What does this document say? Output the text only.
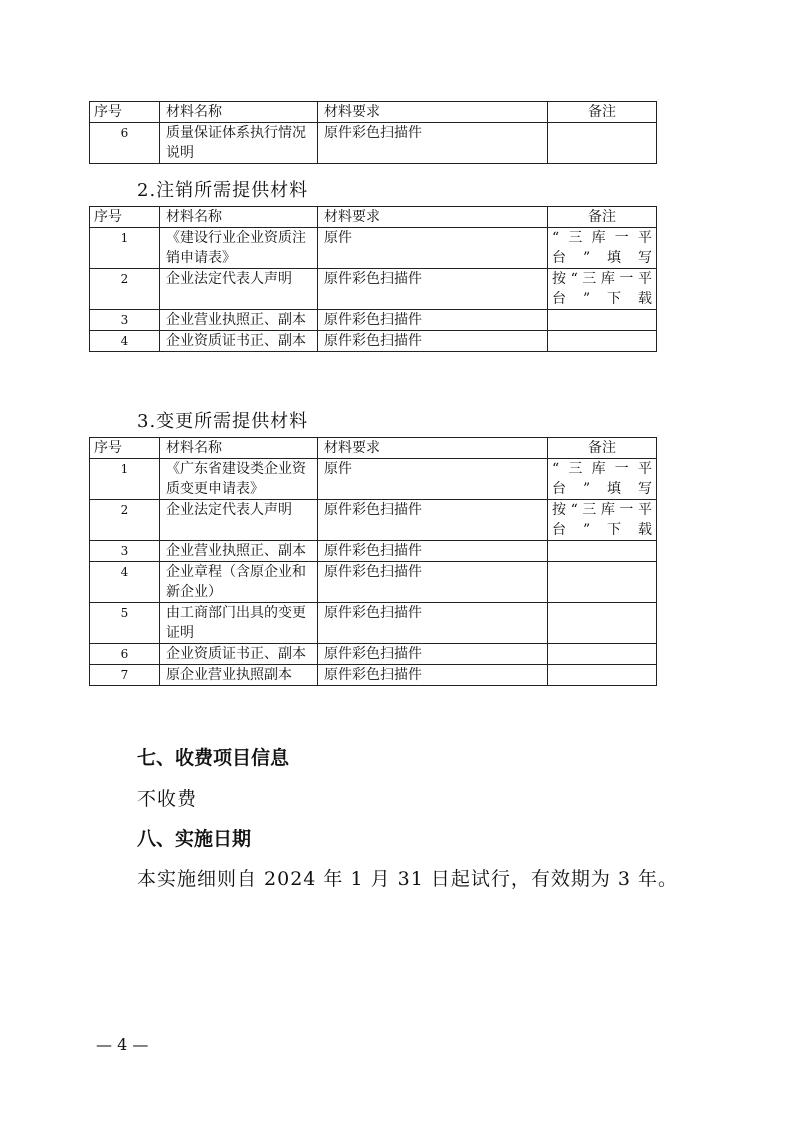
序号	材料名称	材料要求	备注
6	质量保证体系执行情况说明	原件彩色扫描件	
2.注销所需提供材料
序号	材料名称	材料要求	备注
1	《建设行业企业资质注销申请表》	原件	“三库一平
台”填写

2	企业法定代表人声明	原件彩色扫描件	按“三库一平
台”下载

3	企业营业执照正、副本	原件彩色扫描件	

4	企业资质证书正、副本	原件彩色扫描件	
3.变更所需提供材料
序号	材料名称	材料要求	备注
1	《广东省建设类企业资质变更申请表》	原件	“三库一平
台”填写

2	企业法定代表人声明	原件彩色扫描件	按“三库一平
台”下载

3	企业营业执照正、副本	原件彩色扫描件	

4	企业章程（含原企业和新企业）	原件彩色扫描件	

5	由工商部门出具的变更证明	原件彩色扫描件	

6	企业资质证书正、副本	原件彩色扫描件	

7	原企业营业执照副本	原件彩色扫描件	
七、收费项目信息
不收费
八、实施日期
本实施细则自 2024 年 1 月 31 日起试行，有效期为 3 年。
— 4 —
